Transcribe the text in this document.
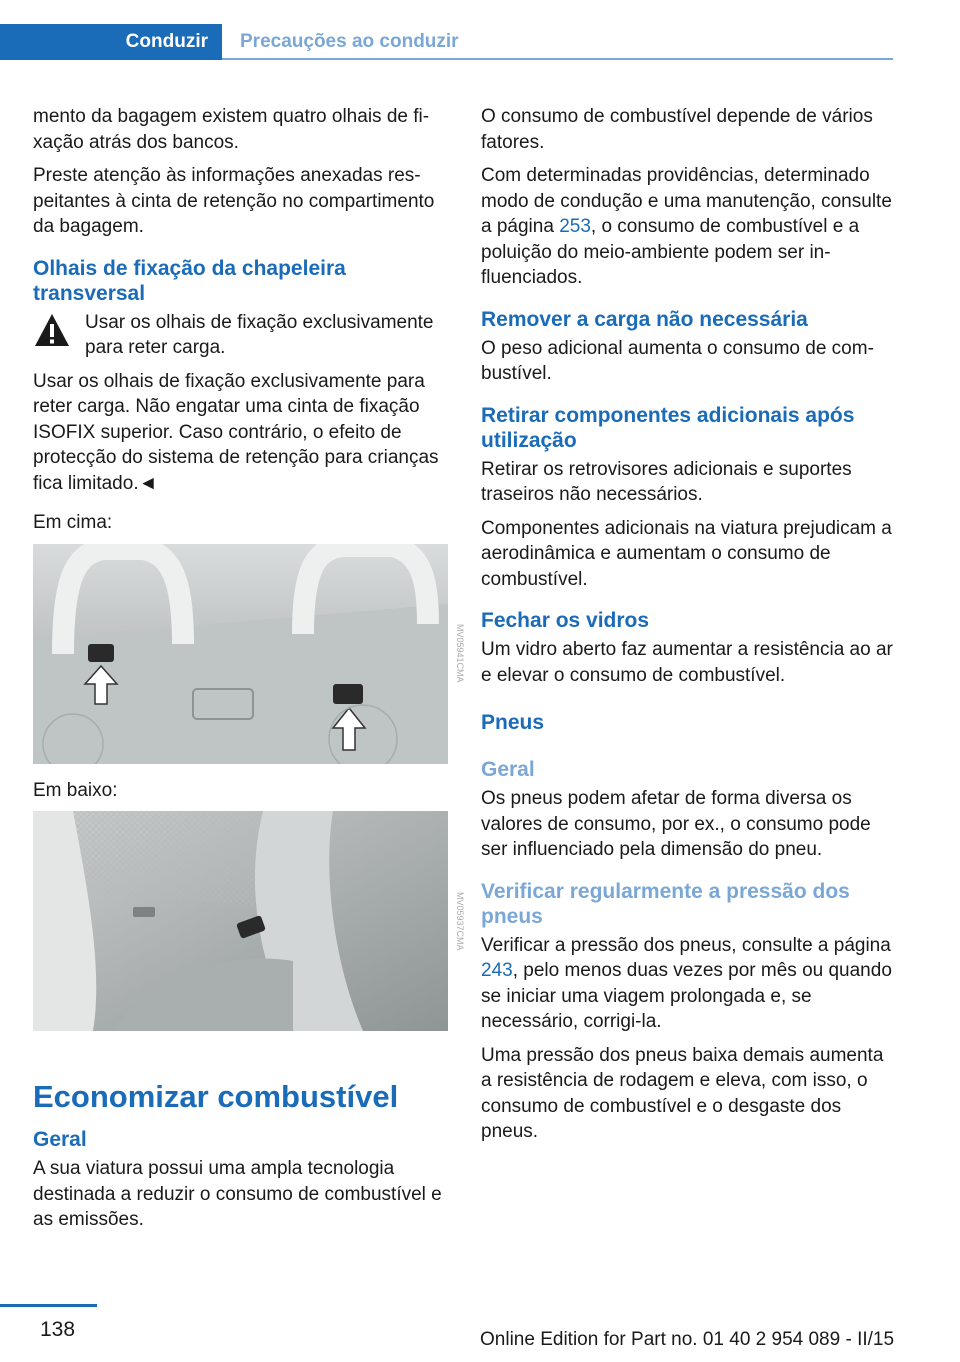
Conduzir Precauções ao conduzir

mento da bagagem existem quatro olhais de fixação atrás dos bancos.

Preste atenção às informações anexadas respeitantes à cinta de retenção no compartimento da bagagem.

Olhais de fixação da chapeleira transversal

Usar os olhais de fixação exclusivamente para reter carga.

Usar os olhais de fixação exclusivamente para reter carga. Não engatar uma cinta de fixação ISOFIX superior. Caso contrário, o efeito de protecção do sistema de retenção para crianças fica limitado.◄

Em cima:

MV05941CMA

Em baixo:

MV05937CMA
Economizar combustível
Geral

A sua viatura possui uma ampla tecnologia destinada a reduzir o consumo de combustível e as emissões.

O consumo de combustível depende de vários fatores.

Com determinadas providências, determinado modo de condução e uma manutenção, consulte a página 253, o consumo de combustível e a poluição do meio-ambiente podem ser influenciados.

Remover a carga não necessária

O peso adicional aumenta o consumo de combustível.

Retirar componentes adicionais após utilização

Retirar os retrovisores adicionais e suportes traseiros não necessários.

Componentes adicionais na viatura prejudicam a aerodinâmica e aumentam o consumo de combustível.

Fechar os vidros

Um vidro aberto faz aumentar a resistência ao ar e elevar o consumo de combustível.

Pneus
Geral

Os pneus podem afetar de forma diversa os valores de consumo, por ex., o consumo pode ser influenciado pela dimensão do pneu.

Verificar regularmente a pressão dos pneus

Verificar a pressão dos pneus, consulte a página 243, pelo menos duas vezes por mês ou quando se iniciar uma viagem prolongada e, se necessário, corrigi-la.

Uma pressão dos pneus baixa demais aumenta a resistência de rodagem e eleva, com isso, o consumo de combustível e o desgaste dos pneus.

138	Online Edition for Part no. 01 40 2 954 089 - II/15
